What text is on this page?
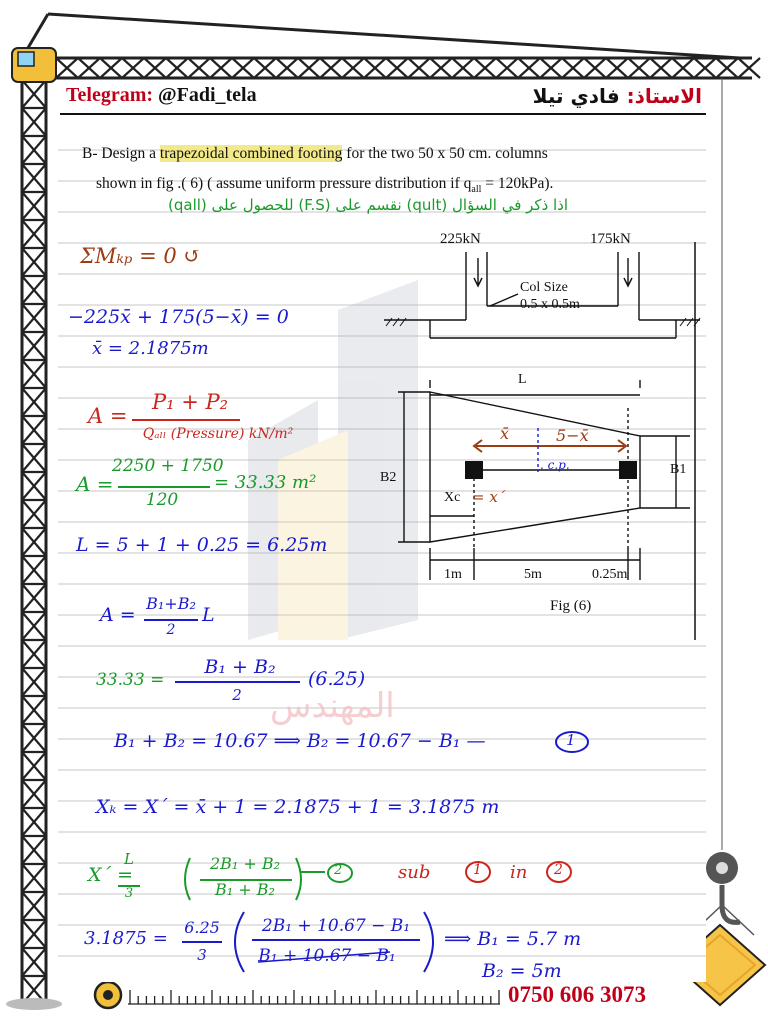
Telegram: @Fadi_tela	الاستاذ: فادي تيلا
B- Design a trapezoidal combined footing for the two 50 x 50 cm. columns
shown in fig .( 6) ( assume uniform pressure distribution if $q_{all} = 120kPa$).
اذا ذكر في السؤال (qult) نقسم على (F.S) للحصول على (qall)
225kN	175kN
Col Size
0.5 x 0.5m
L
B2
B1
Xc = x´
x̄	5−x̄
. c.p.
1m	5m	0.25m
Fig (6)
ΣMₖₚ = 0 ↺
−225x̄ + 175(5−x̄) = 0
x̄ = 2.1875m
A =
P₁ + P₂
Qₐₗₗ (Pressure) kN/m²
A =
2250 + 1750
120
= 33.33 m²
L = 5 + 1 + 0.25 = 6.25m
A =
B₁+B₂
2
L
33.33 =
B₁ + B₂
2
(6.25)
B₁ + B₂ = 10.67 ⟹ B₂ = 10.67 − B₁ —	1
المهندس
Xₖ = X´ = x̄ + 1 = 2.1875 + 1 = 3.1875 m
X´ =
L
3
2B₁ + B₂
B₁ + B₂
2	sub	1 in 2
3.1875 =
6.25
3
2B₁ + 10.67 − B₁
B₁ + 10.67 − B₁
⟹ B₁ = 5.7 m
B₂ = 5m
0750 606 3073
